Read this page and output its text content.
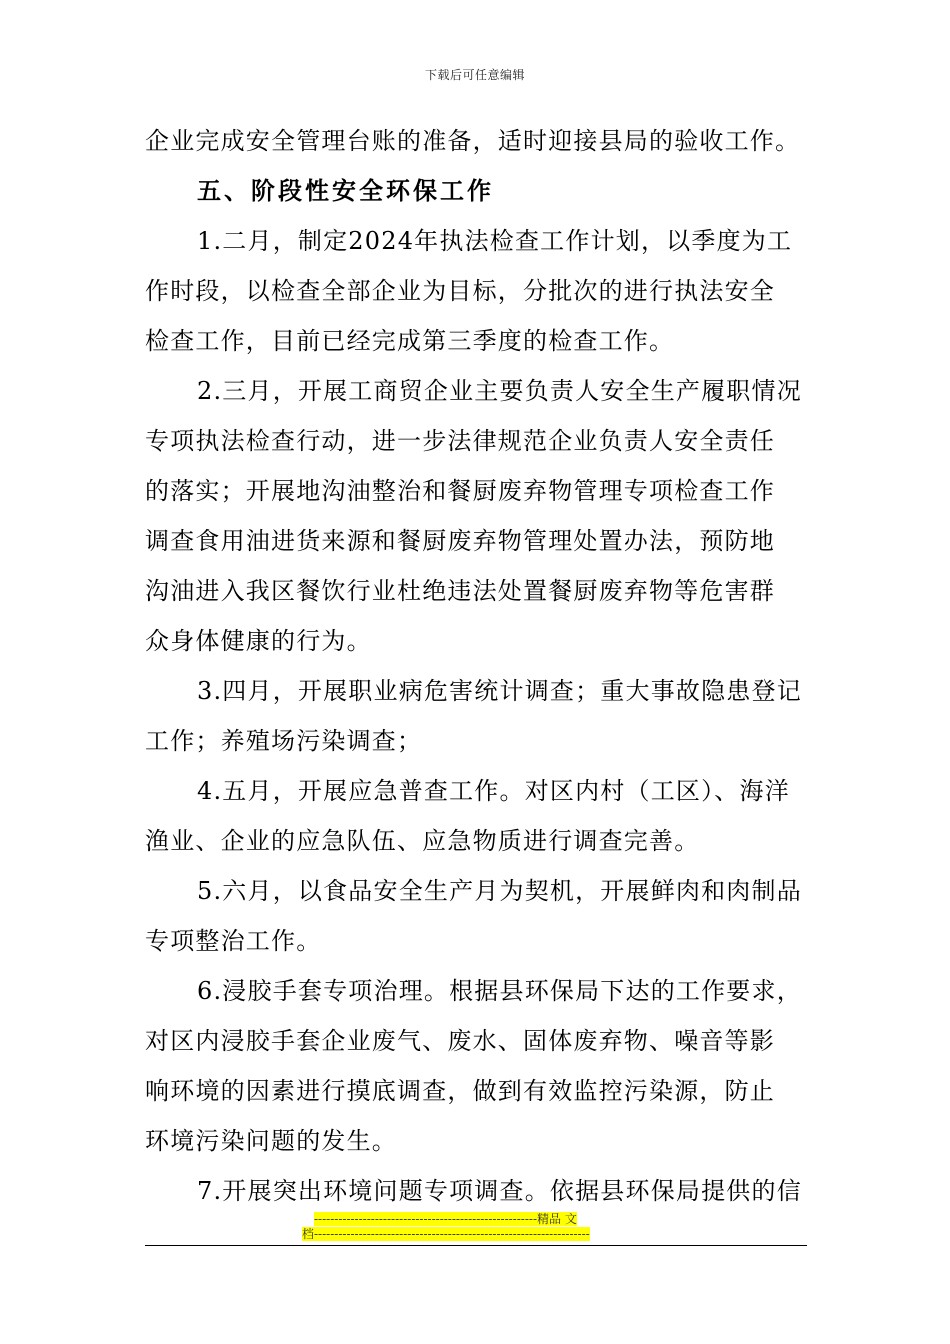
下载后可任意编辑
企业完成安全管理台账的准备，适时迎接县局的验收工作。
五、阶段性安全环保工作
1.二月，制定2024年执法检查工作计划，以季度为工
作时段，以检查全部企业为目标，分批次的进行执法安全
检查工作，目前已经完成第三季度的检查工作。
2.三月，开展工商贸企业主要负责人安全生产履职情况
专项执法检查行动，进一步法律规范企业负责人安全责任
的落实；开展地沟油整治和餐厨废弃物管理专项检查工作
调查食用油进货来源和餐厨废弃物管理处置办法，预防地
沟油进入我区餐饮行业杜绝违法处置餐厨废弃物等危害群
众身体健康的行为。
3.四月，开展职业病危害统计调查；重大事故隐患登记
工作；养殖场污染调查；
4.五月，开展应急普查工作。对区内村（工区）、海洋
渔业、企业的应急队伍、应急物质进行调查完善。
5.六月，以食品安全生产月为契机，开展鲜肉和肉制品
专项整治工作。
6.浸胶手套专项治理。根据县环保局下达的工作要求，
对区内浸胶手套企业废气、废水、固体废弃物、噪音等影
响环境的因素进行摸底调查，做到有效监控污染源，防止
环境污染问题的发生。
7.开展突出环境问题专项调查。依据县环保局提供的信
-------------------------------------------------------精品 文
档--------------------------------------------------------------------
